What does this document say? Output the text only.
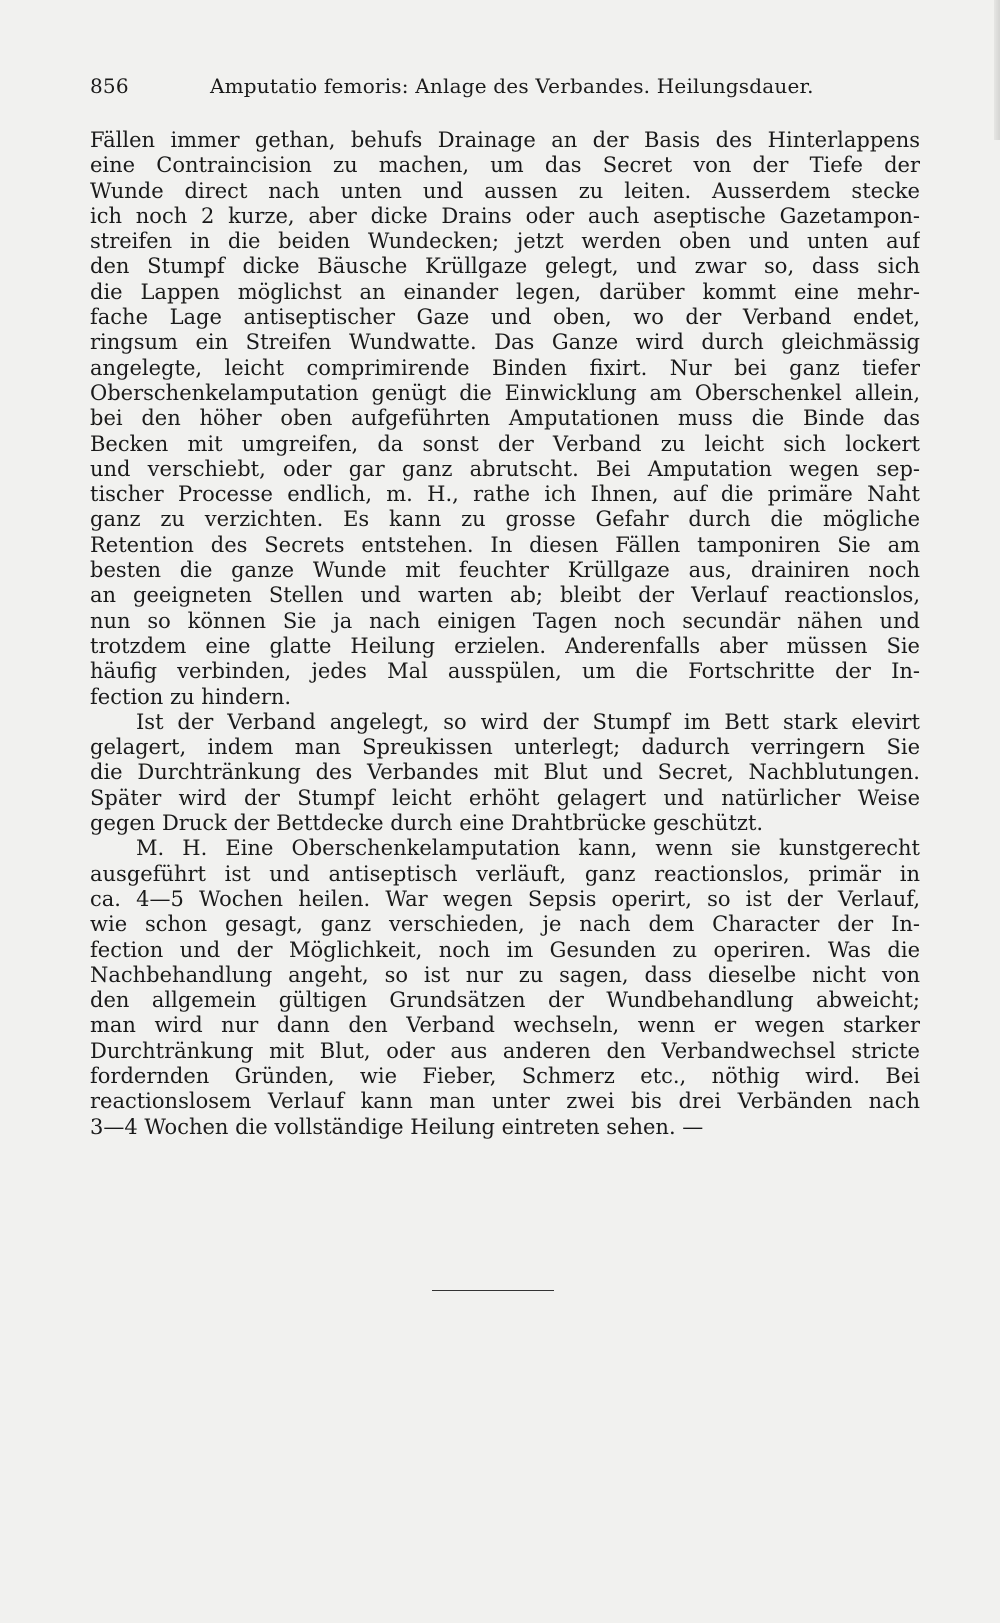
856	Amputatio femoris: Anlage des Verbandes. Heilungsdauer.
Fällen immer gethan, behufs Drainage an der Basis des Hinterlappens
eine Contraincision zu machen, um das Secret von der Tiefe der
Wunde direct nach unten und aussen zu leiten. Ausserdem stecke
ich noch 2 kurze, aber dicke Drains oder auch aseptische Gazetampon-
streifen in die beiden Wundecken; jetzt werden oben und unten auf
den Stumpf dicke Bäusche Krüllgaze gelegt, und zwar so, dass sich
die Lappen möglichst an einander legen, darüber kommt eine mehr-
fache Lage antiseptischer Gaze und oben, wo der Verband endet,
ringsum ein Streifen Wundwatte. Das Ganze wird durch gleichmässig
angelegte, leicht comprimirende Binden fixirt. Nur bei ganz tiefer
Oberschenkelamputation genügt die Einwicklung am Oberschenkel allein,
bei den höher oben aufgeführten Amputationen muss die Binde das
Becken mit umgreifen, da sonst der Verband zu leicht sich lockert
und verschiebt, oder gar ganz abrutscht. Bei Amputation wegen sep-
tischer Processe endlich, m. H., rathe ich Ihnen, auf die primäre Naht
ganz zu verzichten. Es kann zu grosse Gefahr durch die mögliche
Retention des Secrets entstehen. In diesen Fällen tamponiren Sie am
besten die ganze Wunde mit feuchter Krüllgaze aus, drainiren noch
an geeigneten Stellen und warten ab; bleibt der Verlauf reactionslos,
nun so können Sie ja nach einigen Tagen noch secundär nähen und
trotzdem eine glatte Heilung erzielen. Anderenfalls aber müssen Sie
häufig verbinden, jedes Mal ausspülen, um die Fortschritte der In-
fection zu hindern.
Ist der Verband angelegt, so wird der Stumpf im Bett stark elevirt
gelagert, indem man Spreukissen unterlegt; dadurch verringern Sie
die Durchtränkung des Verbandes mit Blut und Secret, Nachblutungen.
Später wird der Stumpf leicht erhöht gelagert und natürlicher Weise
gegen Druck der Bettdecke durch eine Drahtbrücke geschützt.
M. H. Eine Oberschenkelamputation kann, wenn sie kunstgerecht
ausgeführt ist und antiseptisch verläuft, ganz reactionslos, primär in
ca. 4—5 Wochen heilen. War wegen Sepsis operirt, so ist der Verlauf,
wie schon gesagt, ganz verschieden, je nach dem Character der In-
fection und der Möglichkeit, noch im Gesunden zu operiren. Was die
Nachbehandlung angeht, so ist nur zu sagen, dass dieselbe nicht von
den allgemein gültigen Grundsätzen der Wundbehandlung abweicht;
man wird nur dann den Verband wechseln, wenn er wegen starker
Durchtränkung mit Blut, oder aus anderen den Verbandwechsel stricte
fordernden Gründen, wie Fieber, Schmerz etc., nöthig wird. Bei
reactionslosem Verlauf kann man unter zwei bis drei Verbänden nach
3—4 Wochen die vollständige Heilung eintreten sehen. —
